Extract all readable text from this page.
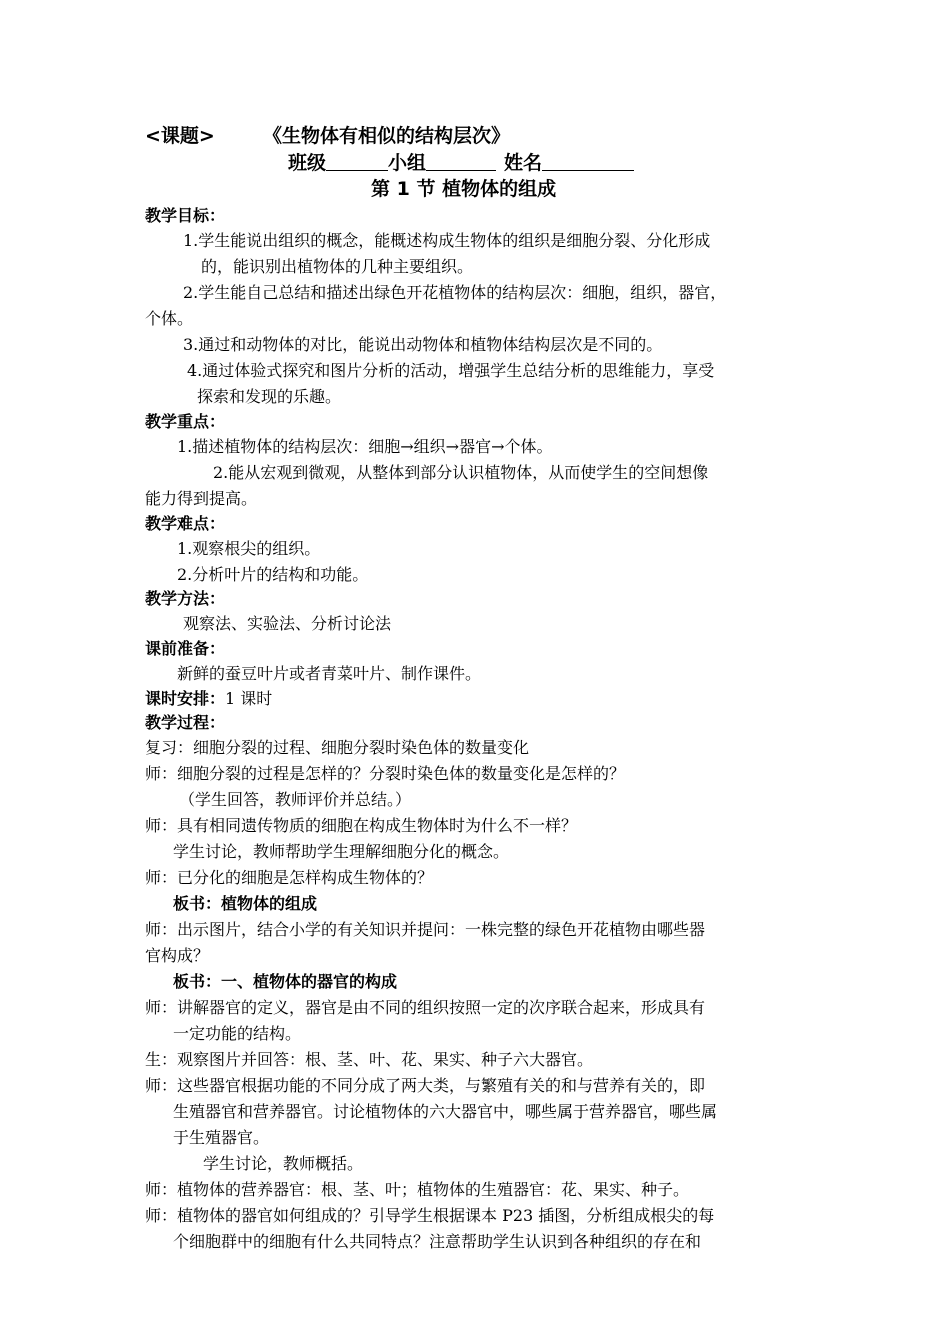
<课题>	《生物体有相似的结构层次》
班级	小组	姓名
第 1 节 植物体的组成
教学目标：
1.学生能说出组织的概念，能概述构成生物体的组织是细胞分裂、分化形成
的，能识别出植物体的几种主要组织。
2.学生能自己总结和描述出绿色开花植物体的结构层次：细胞，组织，器官，
个体。
3.通过和动物体的对比，能说出动物体和植物体结构层次是不同的。
4.通过体验式探究和图片分析的活动，增强学生总结分析的思维能力，享受
探索和发现的乐趣。
教学重点：
1.描述植物体的结构层次：细胞→组织→器官→个体。
2.能从宏观到微观，从整体到部分认识植物体，从而使学生的空间想像
能力得到提高。
教学难点：
1.观察根尖的组织。
2.分析叶片的结构和功能。
教学方法：
观察法、实验法、分析讨论法
课前准备：
新鲜的蚕豆叶片或者青菜叶片、制作课件。
课时安排：1 课时
教学过程：
复习：细胞分裂的过程、细胞分裂时染色体的数量变化
师：细胞分裂的过程是怎样的？分裂时染色体的数量变化是怎样的？
（学生回答，教师评价并总结。）
师：具有相同遗传物质的细胞在构成生物体时为什么不一样？
学生讨论，教师帮助学生理解细胞分化的概念。
师：已分化的细胞是怎样构成生物体的？
板书：植物体的组成
师：出示图片，结合小学的有关知识并提问：一株完整的绿色开花植物由哪些器
官构成？
板书：一、植物体的器官的构成
师：讲解器官的定义，器官是由不同的组织按照一定的次序联合起来，形成具有
一定功能的结构。
生：观察图片并回答：根、茎、叶、花、果实、种子六大器官。
师：这些器官根据功能的不同分成了两大类，与繁殖有关的和与营养有关的，即
生殖器官和营养器官。讨论植物体的六大器官中，哪些属于营养器官，哪些属
于生殖器官。
学生讨论，教师概括。
师：植物体的营养器官：根、茎、叶；植物体的生殖器官：花、果实、种子。
师：植物体的器官如何组成的？引导学生根据课本 P23 插图，分析组成根尖的每
个细胞群中的细胞有什么共同特点？注意帮助学生认识到各种组织的存在和
